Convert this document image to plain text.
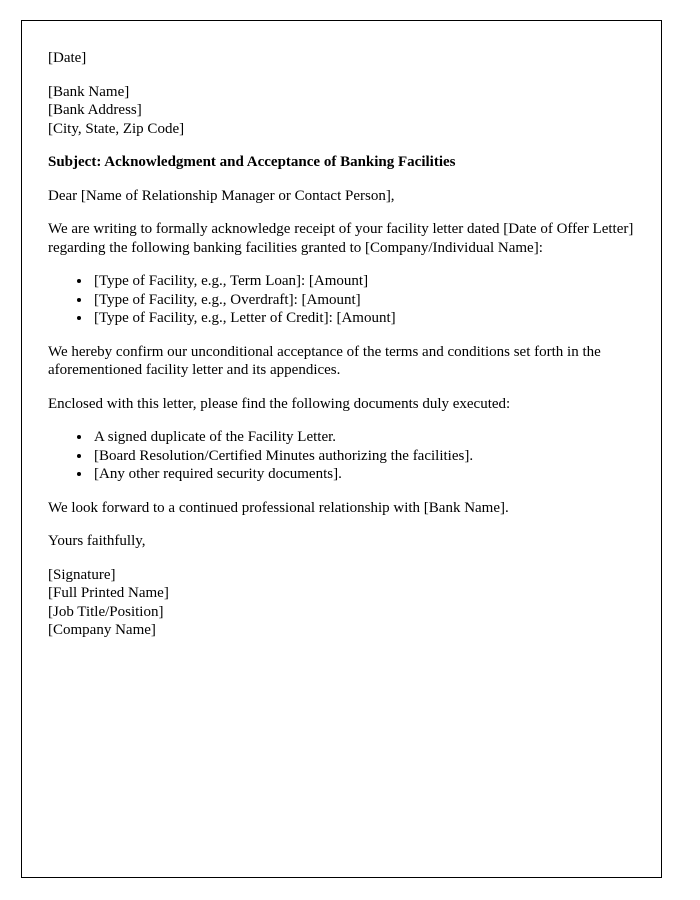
[Date]

[Bank Name]

[Bank Address]

[City, State, Zip Code]

Subject: Acknowledgment and Acceptance of Banking Facilities

Dear [Name of Relationship Manager or Contact Person],

We are writing to formally acknowledge receipt of your facility letter dated [Date of Offer Letter] regarding the following banking facilities granted to [Company/Individual Name]:

• [Type of Facility, e.g., Term Loan]: [Amount]
• [Type of Facility, e.g., Overdraft]: [Amount]
• [Type of Facility, e.g., Letter of Credit]: [Amount]

We hereby confirm our unconditional acceptance of the terms and conditions set forth in the aforementioned facility letter and its appendices.

Enclosed with this letter, please find the following documents duly executed:

• A signed duplicate of the Facility Letter.
• [Board Resolution/Certified Minutes authorizing the facilities].
• [Any other required security documents].

We look forward to a continued professional relationship with [Bank Name].

Yours faithfully,

[Signature]

[Full Printed Name]

[Job Title/Position]

[Company Name]
